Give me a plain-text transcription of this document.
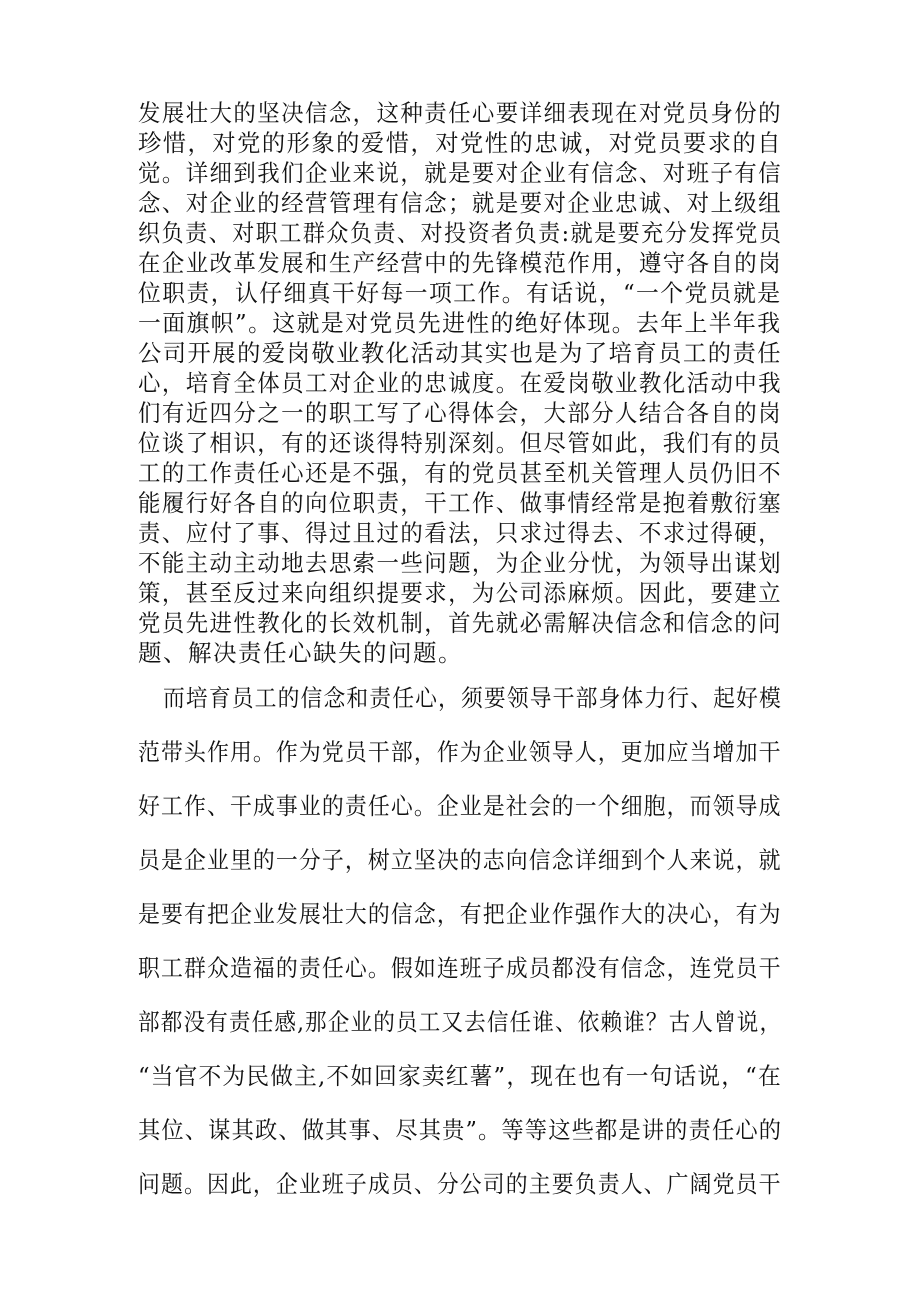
发展壮大的坚决信念，这种责任心要详细表现在对党员身份的
珍惜，对党的形象的爱惜，对党性的忠诚，对党员要求的自
觉。详细到我们企业来说，就是要对企业有信念、对班子有信
念、对企业的经营管理有信念；就是要对企业忠诚、对上级组
织负责、对职工群众负责、对投资者负责:就是要充分发挥党员
在企业改革发展和生产经营中的先锋模范作用，遵守各自的岗
位职责，认仔细真干好每一项工作。有话说，“一个党员就是
一面旗帜”。这就是对党员先进性的绝好体现。去年上半年我
公司开展的爱岗敬业教化活动其实也是为了培育员工的责任
心，培育全体员工对企业的忠诚度。在爱岗敬业教化活动中我
们有近四分之一的职工写了心得体会，大部分人结合各自的岗
位谈了相识，有的还谈得特别深刻。但尽管如此，我们有的员
工的工作责任心还是不强，有的党员甚至机关管理人员仍旧不
能履行好各自的向位职责，干工作、做事情经常是抱着敷衍塞
责、应付了事、得过且过的看法，只求过得去、不求过得硬，
不能主动主动地去思索一些问题，为企业分忧，为领导出谋划
策，甚至反过来向组织提要求，为公司添麻烦。因此，要建立
党员先进性教化的长效机制，首先就必需解决信念和信念的问
题、解决责任心缺失的问题。
而培育员工的信念和责任心，须要领导干部身体力行、起好模
范带头作用。作为党员干部，作为企业领导人，更加应当增加干
好工作、干成事业的责任心。企业是社会的一个细胞，而领导成
员是企业里的一分子，树立坚决的志向信念详细到个人来说，就
是要有把企业发展壮大的信念，有把企业作强作大的决心，有为
职工群众造福的责任心。假如连班子成员都没有信念，连党员干
部都没有责任感,那企业的员工又去信任谁、依赖谁？古人曾说，
“当官不为民做主,不如回家卖红薯”，现在也有一句话说，“在
其位、谋其政、做其事、尽其贵”。等等这些都是讲的责任心的
问题。因此，企业班子成员、分公司的主要负责人、广阔党员干
